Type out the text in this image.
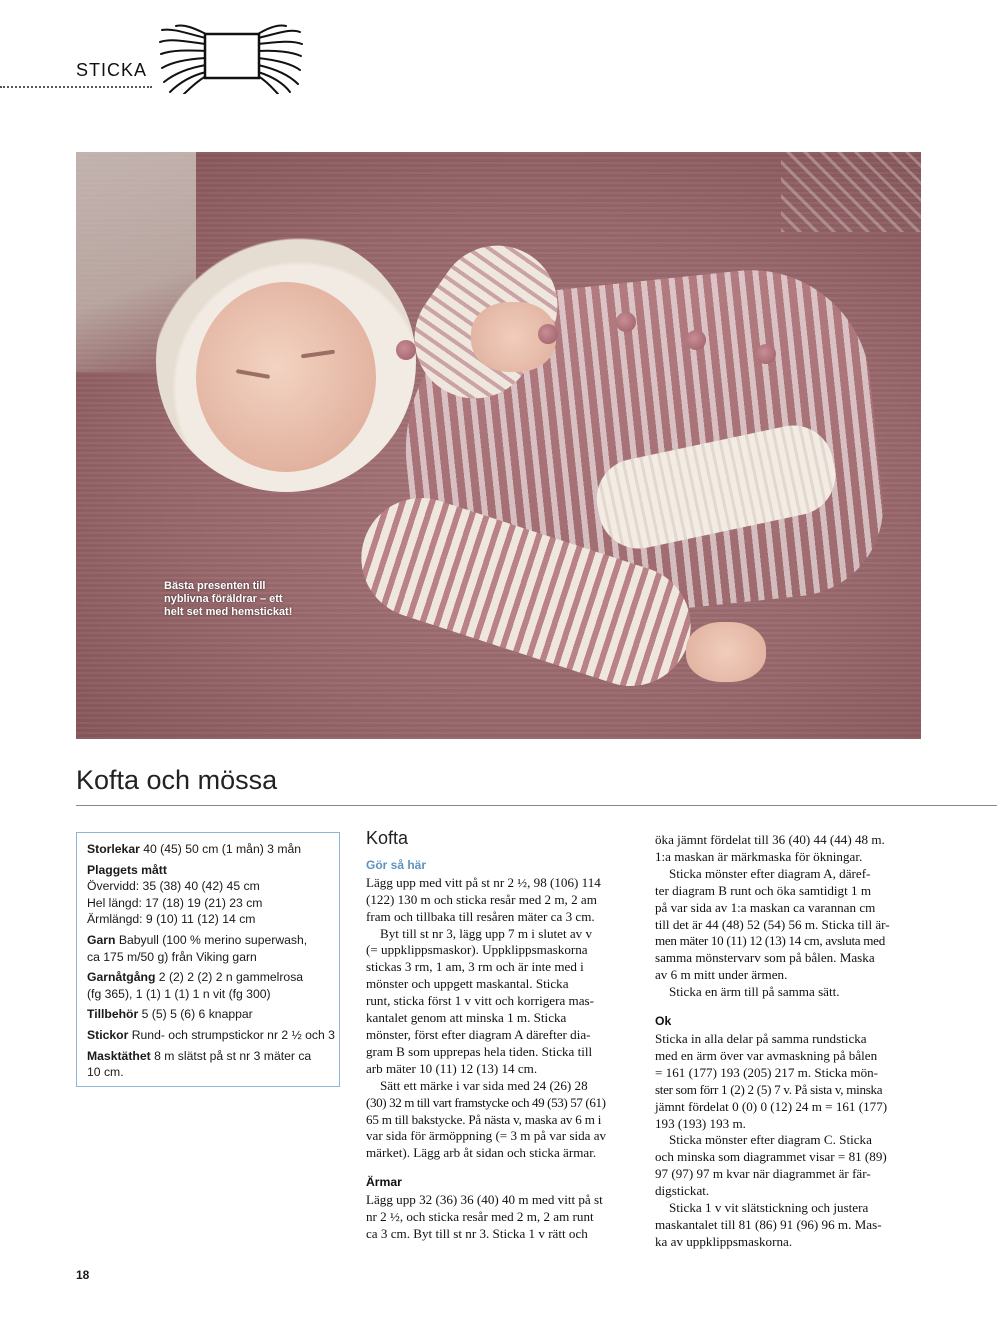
STICKA
Bästa presenten till nyblivna föräldrar – ett helt set med hemstickat!
Kofta och mössa
Storlekar 40 (45) 50 cm (1 mån) 3 mån
Plaggets mått
Övervidd: 35 (38) 40 (42) 45 cm
Hel längd: 17 (18) 19 (21) 23 cm
Ärmlängd: 9 (10) 11 (12) 14 cm
Garn Babyull (100 % merino superwash,
ca 175 m/50 g) från Viking garn
Garnåtgång 2 (2) 2 (2) 2 n gammelrosa
(fg 365), 1 (1) 1 (1) 1 n vit (fg 300)
Tillbehör 5 (5) 5 (6) 6 knappar
Stickor Rund- och strumpstickor nr 2 ½ och 3
Masktäthet 8 m slätst på st nr 3 mäter ca
10 cm.
Kofta
Gör så här

Lägg upp med vitt på st nr 2 ½, 98 (106) 114
(122) 130 m och sticka resår med 2 m, 2 am
fram och tillbaka till resåren mäter ca 3 cm.

Byt till st nr 3, lägg upp 7 m i slutet av v
(= uppklippsmaskor). Uppklippsmaskorna
stickas 3 rm, 1 am, 3 rm och är inte med i
mönster och uppgett maskantal. Sticka
runt, sticka först 1 v vitt och korrigera mas-
kantalet genom att minska 1 m. Sticka
mönster, först efter diagram A därefter dia-
gram B som upprepas hela tiden. Sticka till
arb mäter 10 (11) 12 (13) 14 cm.

Sätt ett märke i var sida med 24 (26) 28
(30) 32 m till vart framstycke och 49 (53) 57 (61)
65 m till bakstycke. På nästa v, maska av 6 m i
var sida för ärmöppning (= 3 m på var sida av
märket). Lägg arb åt sidan och sticka ärmar.

Ärmar

Lägg upp 32 (36) 36 (40) 40 m med vitt på st
nr 2 ½, och sticka resår med 2 m, 2 am runt
ca 3 cm. Byt till st nr 3. Sticka 1 v rätt och

öka jämnt fördelat till 36 (40) 44 (44) 48 m.
1:a maskan är märkmaska för ökningar.

Sticka mönster efter diagram A, däref-
ter diagram B runt och öka samtidigt 1 m
på var sida av 1:a maskan ca varannan cm
till det är 44 (48) 52 (54) 56 m. Sticka till är-
men mäter 10 (11) 12 (13) 14 cm, avsluta med
samma mönstervarv som på bålen. Maska
av 6 m mitt under ärmen.

Sticka en ärm till på samma sätt.

Ok

Sticka in alla delar på samma rundsticka
med en ärm över var avmaskning på bålen
= 161 (177) 193 (205) 217 m. Sticka mön-
ster som förr 1 (2) 2 (5) 7 v. På sista v, minska
jämnt fördelat 0 (0) 0 (12) 24 m = 161 (177)
193 (193) 193 m.

Sticka mönster efter diagram C. Sticka
och minska som diagrammet visar = 81 (89)
97 (97) 97 m kvar när diagrammet är fär-
digstickat.

Sticka 1 v vit slätstickning och justera
maskantalet till 81 (86) 91 (96) 96 m. Mas-
ka av uppklippsmaskorna.

18
